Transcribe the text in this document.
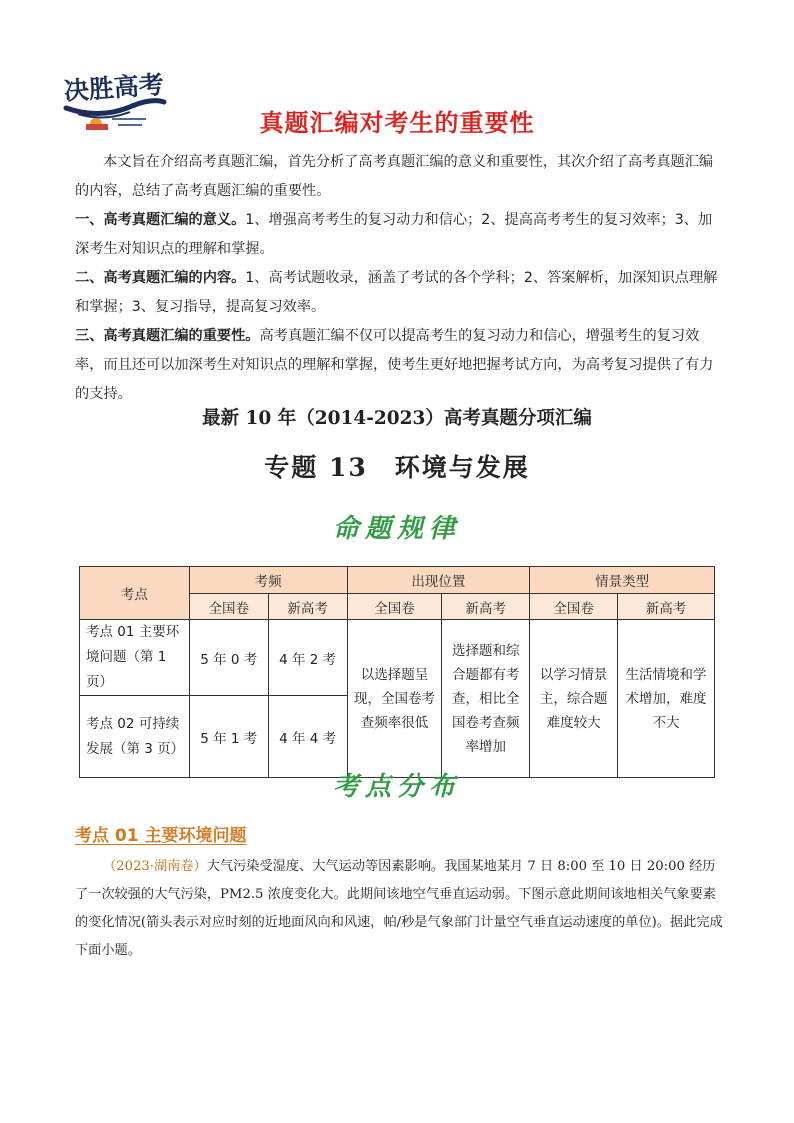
决胜高考
真题汇编对考生的重要性

本文旨在介绍高考真题汇编，首先分析了高考真题汇编的意义和重要性，其次介绍了高考真题汇编的内容，总结了高考真题汇编的重要性。

一、高考真题汇编的意义。1、增强高考考生的复习动力和信心；2、提高高考考生的复习效率；3、加深考生对知识点的理解和掌握。

二、高考真题汇编的内容。1、高考试题收录，涵盖了考试的各个学科；2、答案解析，加深知识点理解和掌握；3、复习指导，提高复习效率。

三、高考真题汇编的重要性。高考真题汇编不仅可以提高考生的复习动力和信心，增强考生的复习效率，而且还可以加深考生对知识点的理解和掌握，使考生更好地把握考试方向，为高考复习提供了有力的支持。

最新 10 年（2014-2023）高考真题分项汇编
专题 13　环境与发展
命题规律
考点	考频		出现位置		情景类型	
	全国卷	新高考	全国卷	新高考	全国卷	新高考
考点 01 主要环境问题（第 1 页）	5 年 0 考	4 年 2 考	以选择题呈现，全国卷考查频率很低	选择题和综合题都有考查，相比全国卷考查频率增加	以学习情景主，综合题难度较大	生活情境和学术增加，难度不大
考点 02 可持续发展（第 3 页）	5 年 1 考	4 年 4 考				
考点分布
考点 01 主要环境问题

（2023·湖南卷）大气污染受湿度、大气运动等因素影响。我国某地某月 7 日 8:00 至 10 日 20:00 经历了一次较强的大气污染，PM2.5 浓度变化大。此期间该地空气垂直运动弱。下图示意此期间该地相关气象要素的变化情况(箭头表示对应时刻的近地面风向和风速，帕/秒是气象部门计量空气垂直运动速度的单位)。据此完成下面小题。
